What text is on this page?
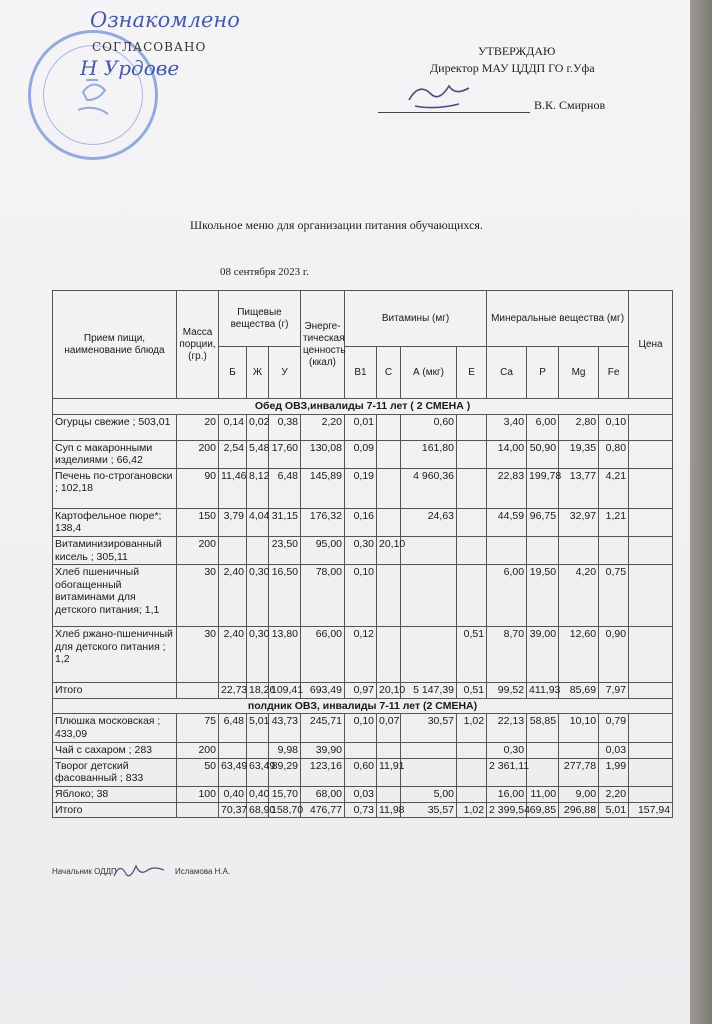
Ознакомлено
СОГЛАСОВАНО
Н Урдове
УТВЕРЖДАЮ
Директор МАУ ЦДДП ГО г.Уфа
В.К. Смирнов
Школьное меню для организации питания обучающихся.
08 сентября 2023 г.
Прием пищи, наименование блюда	Масса порции, (гр.)	Пищевые вещества (г)			Энерге-тическая ценность (ккал)	Витамины (мг)				Минеральные вещества (мг)				Цена
		Б	Ж	У		В1	С	А (мкг)	Е	Ca	P	Mg	Fe	
Обед ОВЗ,инвалиды 7-11 лет ( 2 СМЕНА )														
Огурцы свежие ; 503,01	20	0,14	0,02	0,38	2,20	0,01		0,60		3,40	6,00	2,80	0,10	
Суп с макаронными изделиями ; 66,42	200	2,54	5,48	17,60	130,08	0,09		161,80		14,00	50,90	19,35	0,80	
Печень по-строгановски ; 102,18	90	11,46	8,12	6,48	145,89	0,19		4 960,36		22,83	199,78	13,77	4,21	
Картофельное пюре*; 138,4	150	3,79	4,04	31,15	176,32	0,16		24,63		44,59	96,75	32,97	1,21	
Витаминизированный кисель ; 305,11	200			23,50	95,00	0,30	20,10							
Хлеб пшеничный обогащенный витаминами для детского питания; 1,1	30	2,40	0,30	16,50	78,00	0,10				6,00	19,50	4,20	0,75	
Хлеб ржано-пшеничный для детского питания ; 1,2	30	2,40	0,30	13,80	66,00	0,12			0,51	8,70	39,00	12,60	0,90	
Итого		22,73	18,26	109,41	693,49	0,97	20,10	5 147,39	0,51	99,52	411,93	85,69	7,97	
полдник ОВЗ, инвалиды 7-11 лет (2 СМЕНА)														
Плюшка московская ; 433,09	75	6,48	5,01	43,73	245,71	0,10	0,07	30,57	1,02	22,13	58,85	10,10	0,79	
Чай с сахаром ; 283	200			9,98	39,90					0,30			0,03	
Творог детский фасованный ; 833	50	63,49	63,49	89,29	123,16	0,60	11,91			2 361,11		277,78	1,99	
Яблоко; 38	100	0,40	0,40	15,70	68,00	0,03		5,00		16,00	11,00	9,00	2,20	
Итого		70,37	68,90	158,70	476,77	0,73	11,98	35,57	1,02	2 399,54	69,85	296,88	5,01	157,94
Начальник ОДДП	Исламова Н.А.
